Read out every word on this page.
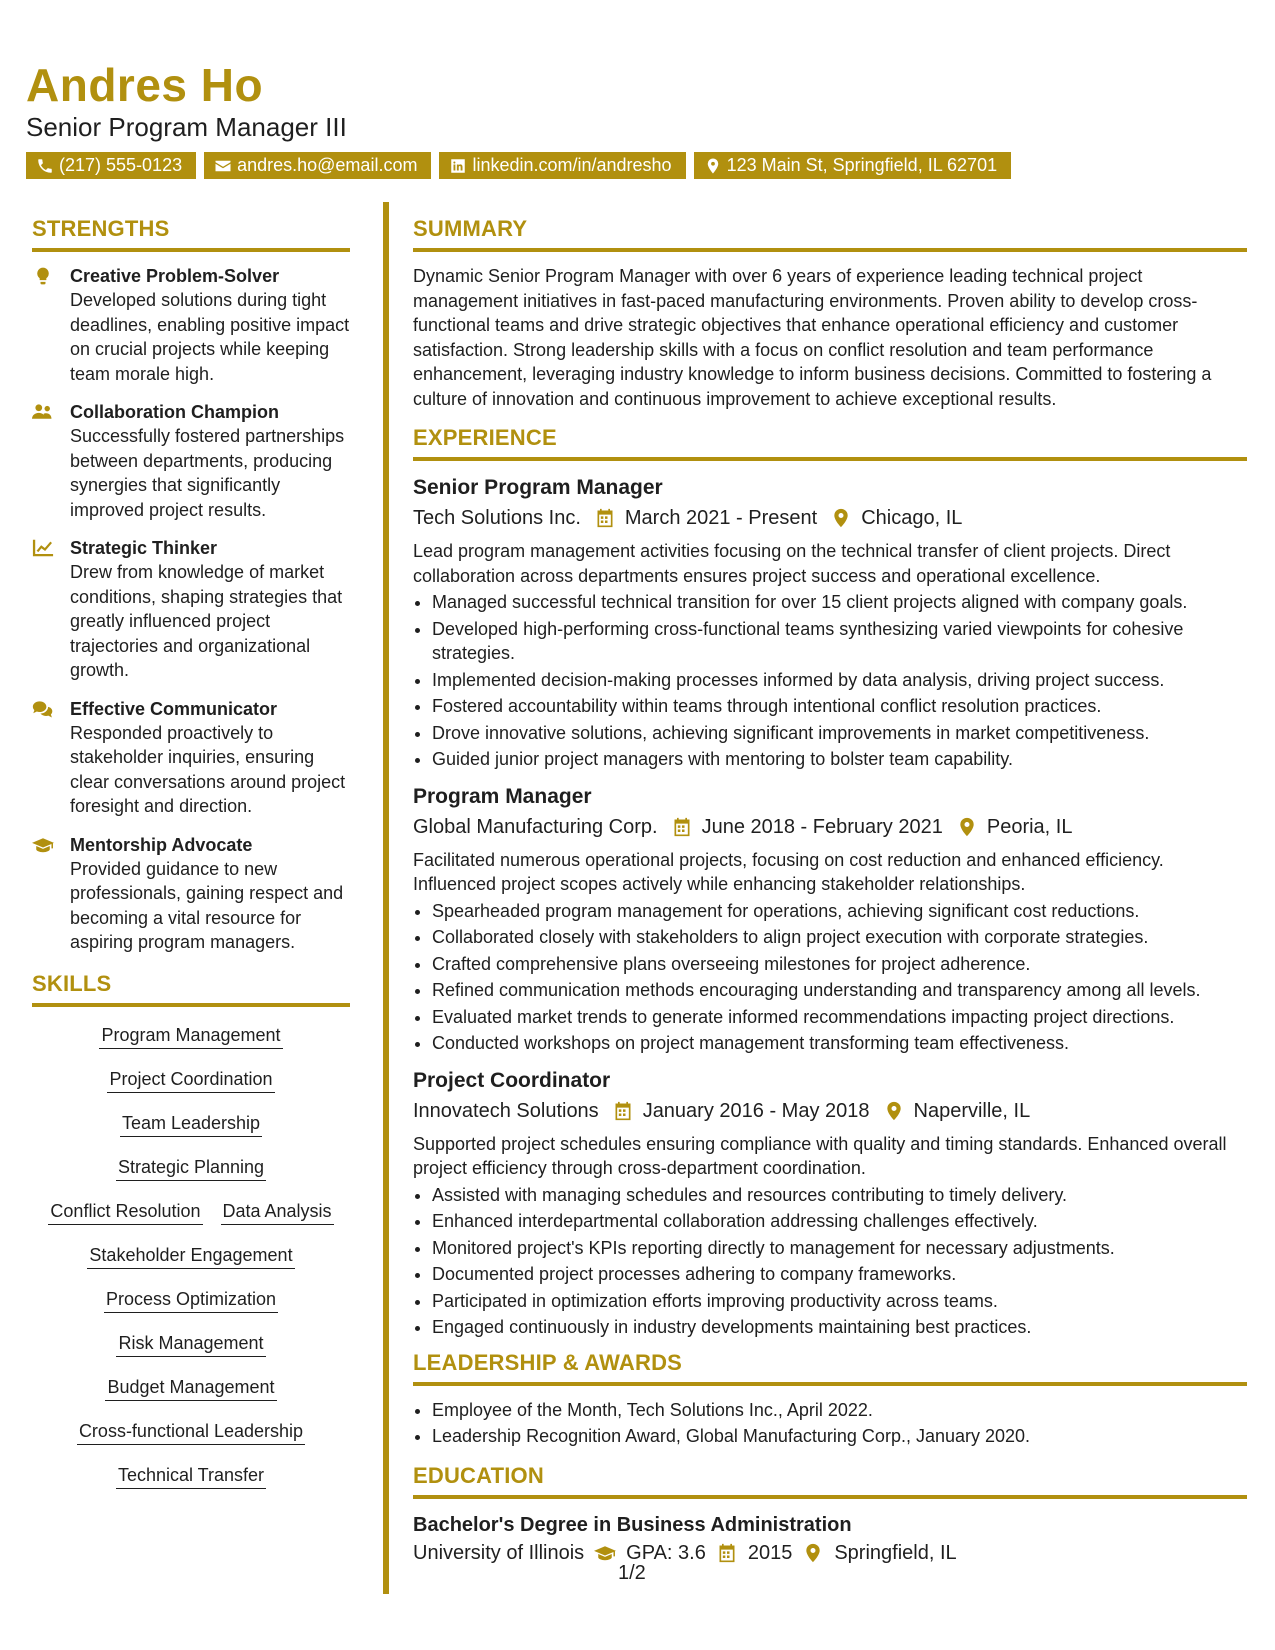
Andres Ho
Senior Program Manager III
(217) 555-0123	andres.ho@email.com	linkedin.com/in/andresho	123 Main St, Springfield, IL 62701
STRENGTHS
Creative Problem-Solver
Developed solutions during tight deadlines, enabling positive impact on crucial projects while keeping team morale high.
Collaboration Champion
Successfully fostered partnerships between departments, producing synergies that significantly improved project results.
Strategic Thinker
Drew from knowledge of market conditions, shaping strategies that greatly influenced project trajectories and organizational growth.
Effective Communicator
Responded proactively to stakeholder inquiries, ensuring clear conversations around project foresight and direction.
Mentorship Advocate
Provided guidance to new professionals, gaining respect and becoming a vital resource for aspiring program managers.
SKILLS
Program Management
Project Coordination
Team Leadership
Strategic Planning
Conflict Resolution Data Analysis
Stakeholder Engagement
Process Optimization
Risk Management
Budget Management
Cross-functional Leadership
Technical Transfer
SUMMARY
Dynamic Senior Program Manager with over 6 years of experience leading technical project management initiatives in fast-paced manufacturing environments. Proven ability to develop cross-functional teams and drive strategic objectives that enhance operational efficiency and customer satisfaction. Strong leadership skills with a focus on conflict resolution and team performance enhancement, leveraging industry knowledge to inform business decisions. Committed to fostering a culture of innovation and continuous improvement to achieve exceptional results.
EXPERIENCE
Senior Program Manager
Tech Solutions Inc. March 2021 - Present Chicago, IL
Lead program management activities focusing on the technical transfer of client projects. Direct collaboration across departments ensures project success and operational excellence.
• Managed successful technical transition for over 15 client projects aligned with company goals.
• Developed high-performing cross-functional teams synthesizing varied viewpoints for cohesive strategies.
• Implemented decision-making processes informed by data analysis, driving project success.
• Fostered accountability within teams through intentional conflict resolution practices.
• Drove innovative solutions, achieving significant improvements in market competitiveness.
• Guided junior project managers with mentoring to bolster team capability.
Program Manager
Global Manufacturing Corp. June 2018 - February 2021 Peoria, IL
Facilitated numerous operational projects, focusing on cost reduction and enhanced efficiency. Influenced project scopes actively while enhancing stakeholder relationships.
• Spearheaded program management for operations, achieving significant cost reductions.
• Collaborated closely with stakeholders to align project execution with corporate strategies.
• Crafted comprehensive plans overseeing milestones for project adherence.
• Refined communication methods encouraging understanding and transparency among all levels.
• Evaluated market trends to generate informed recommendations impacting project directions.
• Conducted workshops on project management transforming team effectiveness.
Project Coordinator
Innovatech Solutions January 2016 - May 2018 Naperville, IL
Supported project schedules ensuring compliance with quality and timing standards. Enhanced overall project efficiency through cross-department coordination.
• Assisted with managing schedules and resources contributing to timely delivery.
• Enhanced interdepartmental collaboration addressing challenges effectively.
• Monitored project's KPIs reporting directly to management for necessary adjustments.
• Documented project processes adhering to company frameworks.
• Participated in optimization efforts improving productivity across teams.
• Engaged continuously in industry developments maintaining best practices.
LEADERSHIP & AWARDS
• Employee of the Month, Tech Solutions Inc., April 2022.
• Leadership Recognition Award, Global Manufacturing Corp., January 2020.
EDUCATION
Bachelor's Degree in Business Administration
University of Illinois GPA: 3.6 2015 Springfield, IL
1/2
